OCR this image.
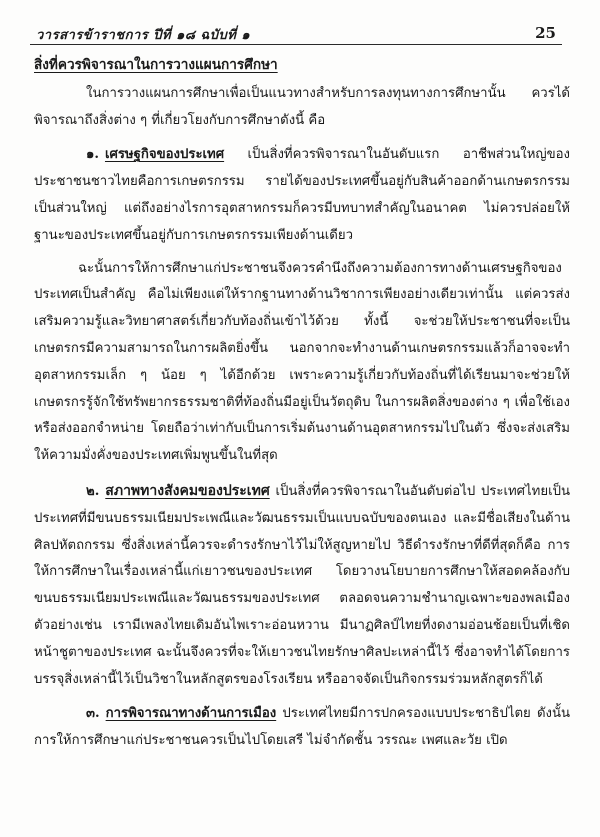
วารสารข้าราชการ ปีที่ ๑๘ ฉบับที่ ๑	25

สิ่งที่ควรพิจารณาในการวางแผนการศึกษา

ในการวางแผนการศึกษาเพื่อเป็นแนวทางสำหรับการลงทุนทางการศึกษานั้น ควรได้พิจารณาถึงสิ่งต่าง ๆ ที่เกี่ยวโยงกับการศึกษาดังนี้ คือ

๑. เศรษฐกิจของประเทศ เป็นสิ่งที่ควรพิจารณาในอันดับแรก อาชีพส่วนใหญ่ของประชาชนชาวไทยคือการเกษตรกรรม รายได้ของประเทศขึ้นอยู่กับสินค้าออกด้านเกษตรกรรมเป็นส่วนใหญ่ แต่ถึงอย่างไรการอุตสาหกรรมก็ควรมีบทบาทสำคัญในอนาคต ไม่ควรปล่อยให้ฐานะของประเทศขึ้นอยู่กับการเกษตรกรรมเพียงด้านเดียว

ฉะนั้นการให้การศึกษาแก่ประชาชนจึงควรคำนึงถึงความต้องการทางด้านเศรษฐกิจของประเทศเป็นสำคัญ คือไม่เพียงแต่ให้รากฐานทางด้านวิชาการเพียงอย่างเดียวเท่านั้น แต่ควรส่งเสริมความรู้และวิทยาศาสตร์เกี่ยวกับท้องถิ่นเข้าไว้ด้วย ทั้งนี้ จะช่วยให้ประชาชนที่จะเป็นเกษตรกรมีความสามารถในการผลิตยิ่งขึ้น นอกจากจะทำงานด้านเกษตรกรรมแล้วก็อาจจะทำอุตสาหกรรมเล็ก ๆ น้อย ๆ ได้อีกด้วย เพราะความรู้เกี่ยวกับท้องถิ่นที่ได้เรียนมาจะช่วยให้เกษตรกรรู้จักใช้ทรัพยากรธรรมชาติที่ท้องถิ่นมีอยู่เป็นวัตถุดิบ ในการผลิตสิ่งของต่าง ๆ เพื่อใช้เอง หรือส่งออกจำหน่าย โดยถือว่าเท่ากับเป็นการเริ่มต้นงานด้านอุตสาหกรรมไปในตัว ซึ่งจะส่งเสริมให้ความมั่งคั่งของประเทศเพิ่มพูนขึ้นในที่สุด

๒. สภาพทางสังคมของประเทศ เป็นสิ่งที่ควรพิจารณาในอันดับต่อไป ประเทศไทยเป็นประเทศที่มีขนบธรรมเนียมประเพณีและวัฒนธรรมเป็นแบบฉบับของตนเอง และมีชื่อเสียงในด้านศิลปหัตถกรรม ซึ่งสิ่งเหล่านี้ควรจะดำรงรักษาไว้ไม่ให้สูญหายไป วิธีดำรงรักษาที่ดีที่สุดก็คือ การให้การศึกษาในเรื่องเหล่านี้แก่เยาวชนของประเทศ โดยวางนโยบายการศึกษาให้สอดคล้องกับขนบธรรมเนียมประเพณีและวัฒนธรรมของประเทศ ตลอดจนความชำนาญเฉพาะของพลเมือง ตัวอย่างเช่น เรามีเพลงไทยเดิมอันไพเราะอ่อนหวาน มีนาฏศิลป์ไทยที่งดงามอ่อนช้อยเป็นที่เชิดหน้าชูตาของประเทศ ฉะนั้นจึงควรที่จะให้เยาวชนไทยรักษาศิลปะเหล่านี้ไว้ ซึ่งอาจทำได้โดยการบรรจุสิ่งเหล่านี้ไว้เป็นวิชาในหลักสูตรของโรงเรียน หรืออาจจัดเป็นกิจกรรมร่วมหลักสูตรก็ได้

๓. การพิจารณาทางด้านการเมือง ประเทศไทยมีการปกครองแบบประชาธิปไตย ดังนั้นการให้การศึกษาแก่ประชาชนควรเป็นไปโดยเสรี ไม่จำกัดชั้น วรรณะ เพศและวัย เปิด
